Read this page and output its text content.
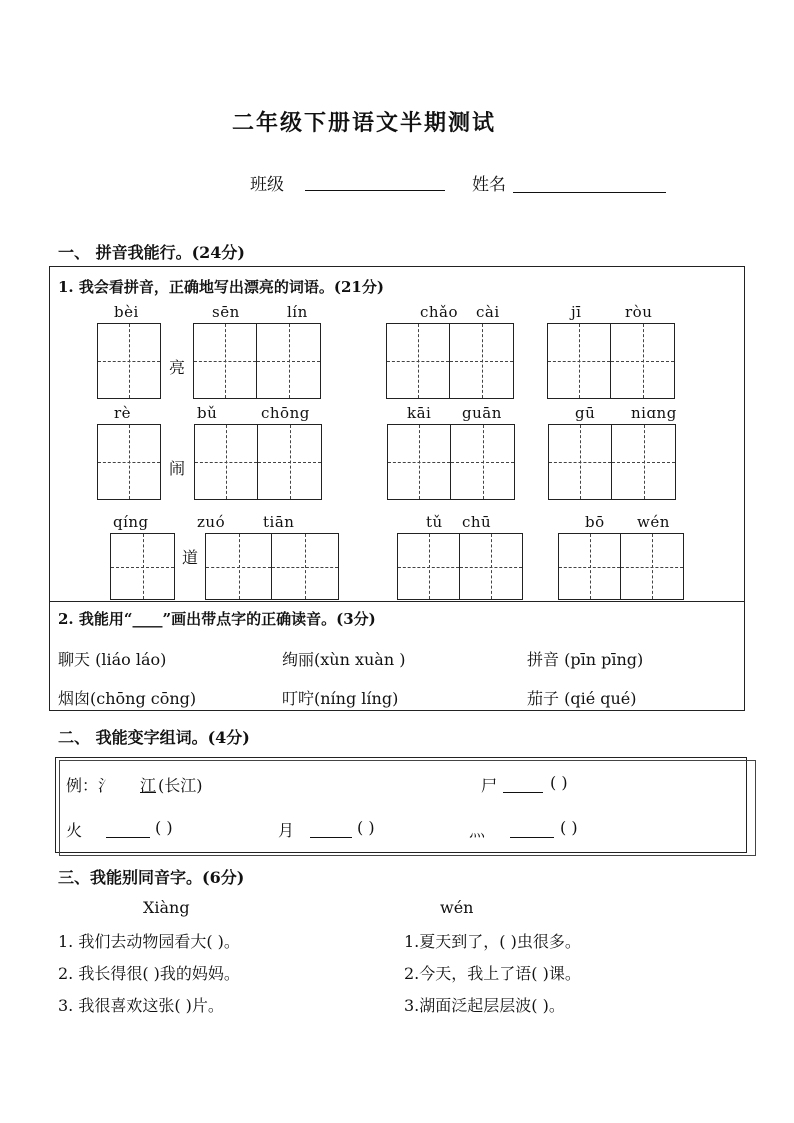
二年级下册语文半期测试
班级	姓名
一、 拼音我能行。(24分)
1. 我会看拼音，正确地写出漂亮的词语。(21分)
bèi	sēn	lín
亮
chǎo cài	jī	ròu
rè	bǔ	chōng
闹
kāi guān	gū niɑng
qíng	zuó	tiān
道
tǔ chū	bō wén
2. 我能用“____”画出带点字的正确读音。(3分)
聊天 (liáo láo)	绚丽(xùn xuàn )	拼音 (pīn pīng)
烟囱(chōng cōng)	叮咛(níng líng)	茄子 (qié qué)
二、 我能变字组词。(4分)
例：氵 江 (长江)	尸	( )
火	( )	月	( )	灬	( )
三、我能别同音字。(6分)
Xiàng	wén
1. 我们去动物园看大( )。
2. 我长得很( )我的妈妈。
3. 我很喜欢这张( )片。
1.夏天到了，( )虫很多。
2.今天，我上了语( )课。
3.湖面泛起层层波( )。
